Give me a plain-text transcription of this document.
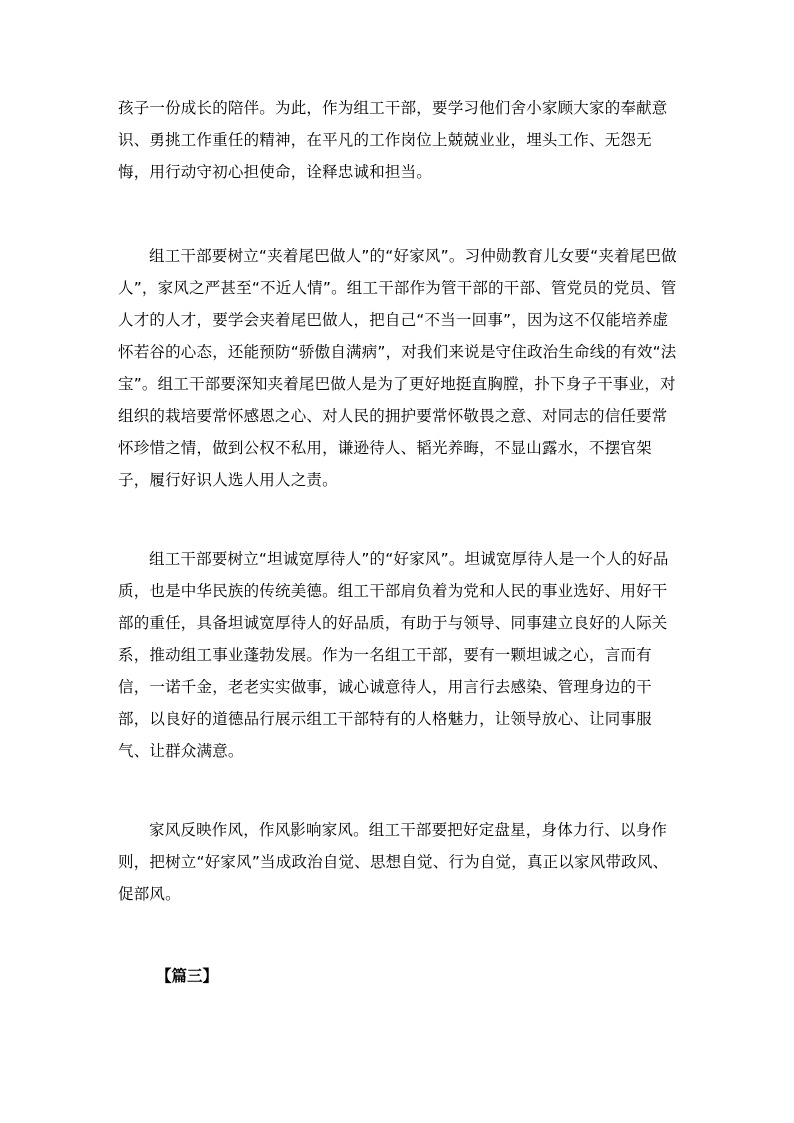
孩子一份成长的陪伴。为此，作为组工干部，要学习他们舍小家顾大家的奉献意识、勇挑工作重任的精神，在平凡的工作岗位上兢兢业业，埋头工作、无怨无悔，用行动守初心担使命，诠释忠诚和担当。

组工干部要树立“夹着尾巴做人”的“好家风”。习仲勋教育儿女要“夹着尾巴做人”，家风之严甚至“不近人情”。组工干部作为管干部的干部、管党员的党员、管人才的人才，要学会夹着尾巴做人，把自己“不当一回事”，因为这不仅能培养虚怀若谷的心态，还能预防“骄傲自满病”，对我们来说是守住政治生命线的有效“法宝”。组工干部要深知夹着尾巴做人是为了更好地挺直胸膛，扑下身子干事业，对组织的栽培要常怀感恩之心、对人民的拥护要常怀敬畏之意、对同志的信任要常怀珍惜之情，做到公权不私用，谦逊待人、韬光养晦，不显山露水，不摆官架子，履行好识人选人用人之责。

组工干部要树立“坦诚宽厚待人”的“好家风”。坦诚宽厚待人是一个人的好品质，也是中华民族的传统美德。组工干部肩负着为党和人民的事业选好、用好干部的重任，具备坦诚宽厚待人的好品质，有助于与领导、同事建立良好的人际关系，推动组工事业蓬勃发展。作为一名组工干部，要有一颗坦诚之心，言而有信，一诺千金，老老实实做事，诚心诚意待人，用言行去感染、管理身边的干部，以良好的道德品行展示组工干部特有的人格魅力，让领导放心、让同事服气、让群众满意。

家风反映作风，作风影响家风。组工干部要把好定盘星，身体力行、以身作则，把树立“好家风”当成政治自觉、思想自觉、行为自觉，真正以家风带政风、促部风。

【篇三】
